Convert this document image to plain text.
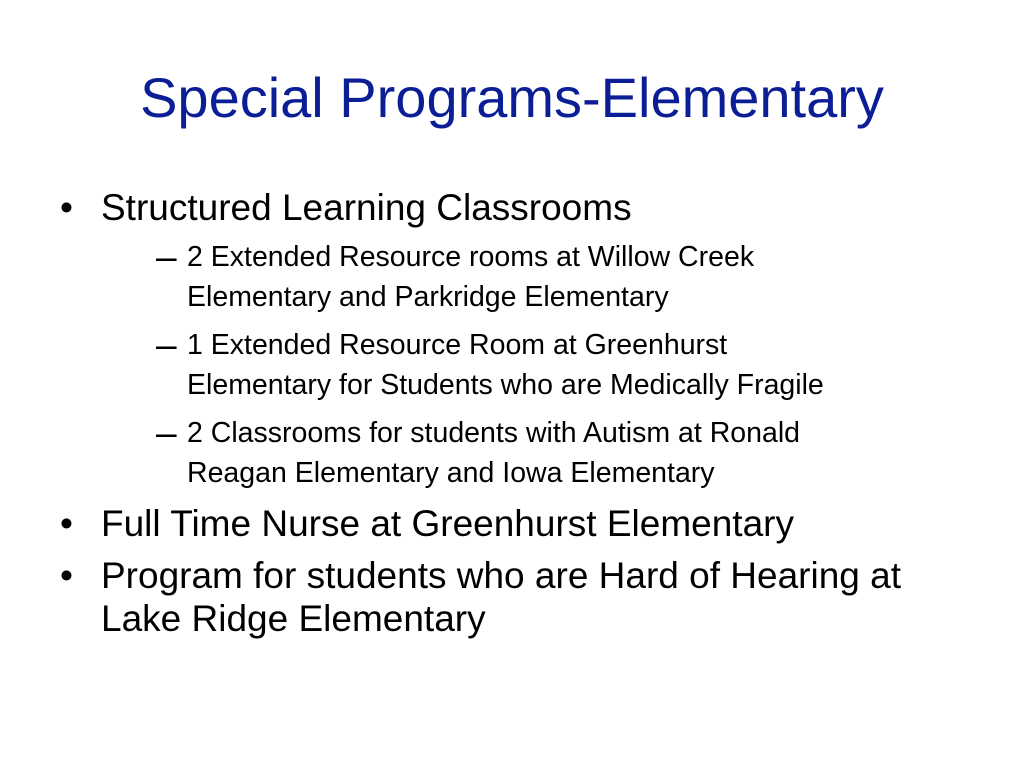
Special Programs-Elementary
• Structured Learning Classrooms
– 2 Extended Resource rooms at Willow Creek
Elementary and Parkridge Elementary
– 1 Extended Resource Room at Greenhurst
Elementary for Students who are Medically Fragile
– 2 Classrooms for students with Autism at Ronald
Reagan Elementary and Iowa Elementary
• Full Time Nurse at Greenhurst Elementary
• Program for students who are Hard of Hearing at
Lake Ridge Elementary
